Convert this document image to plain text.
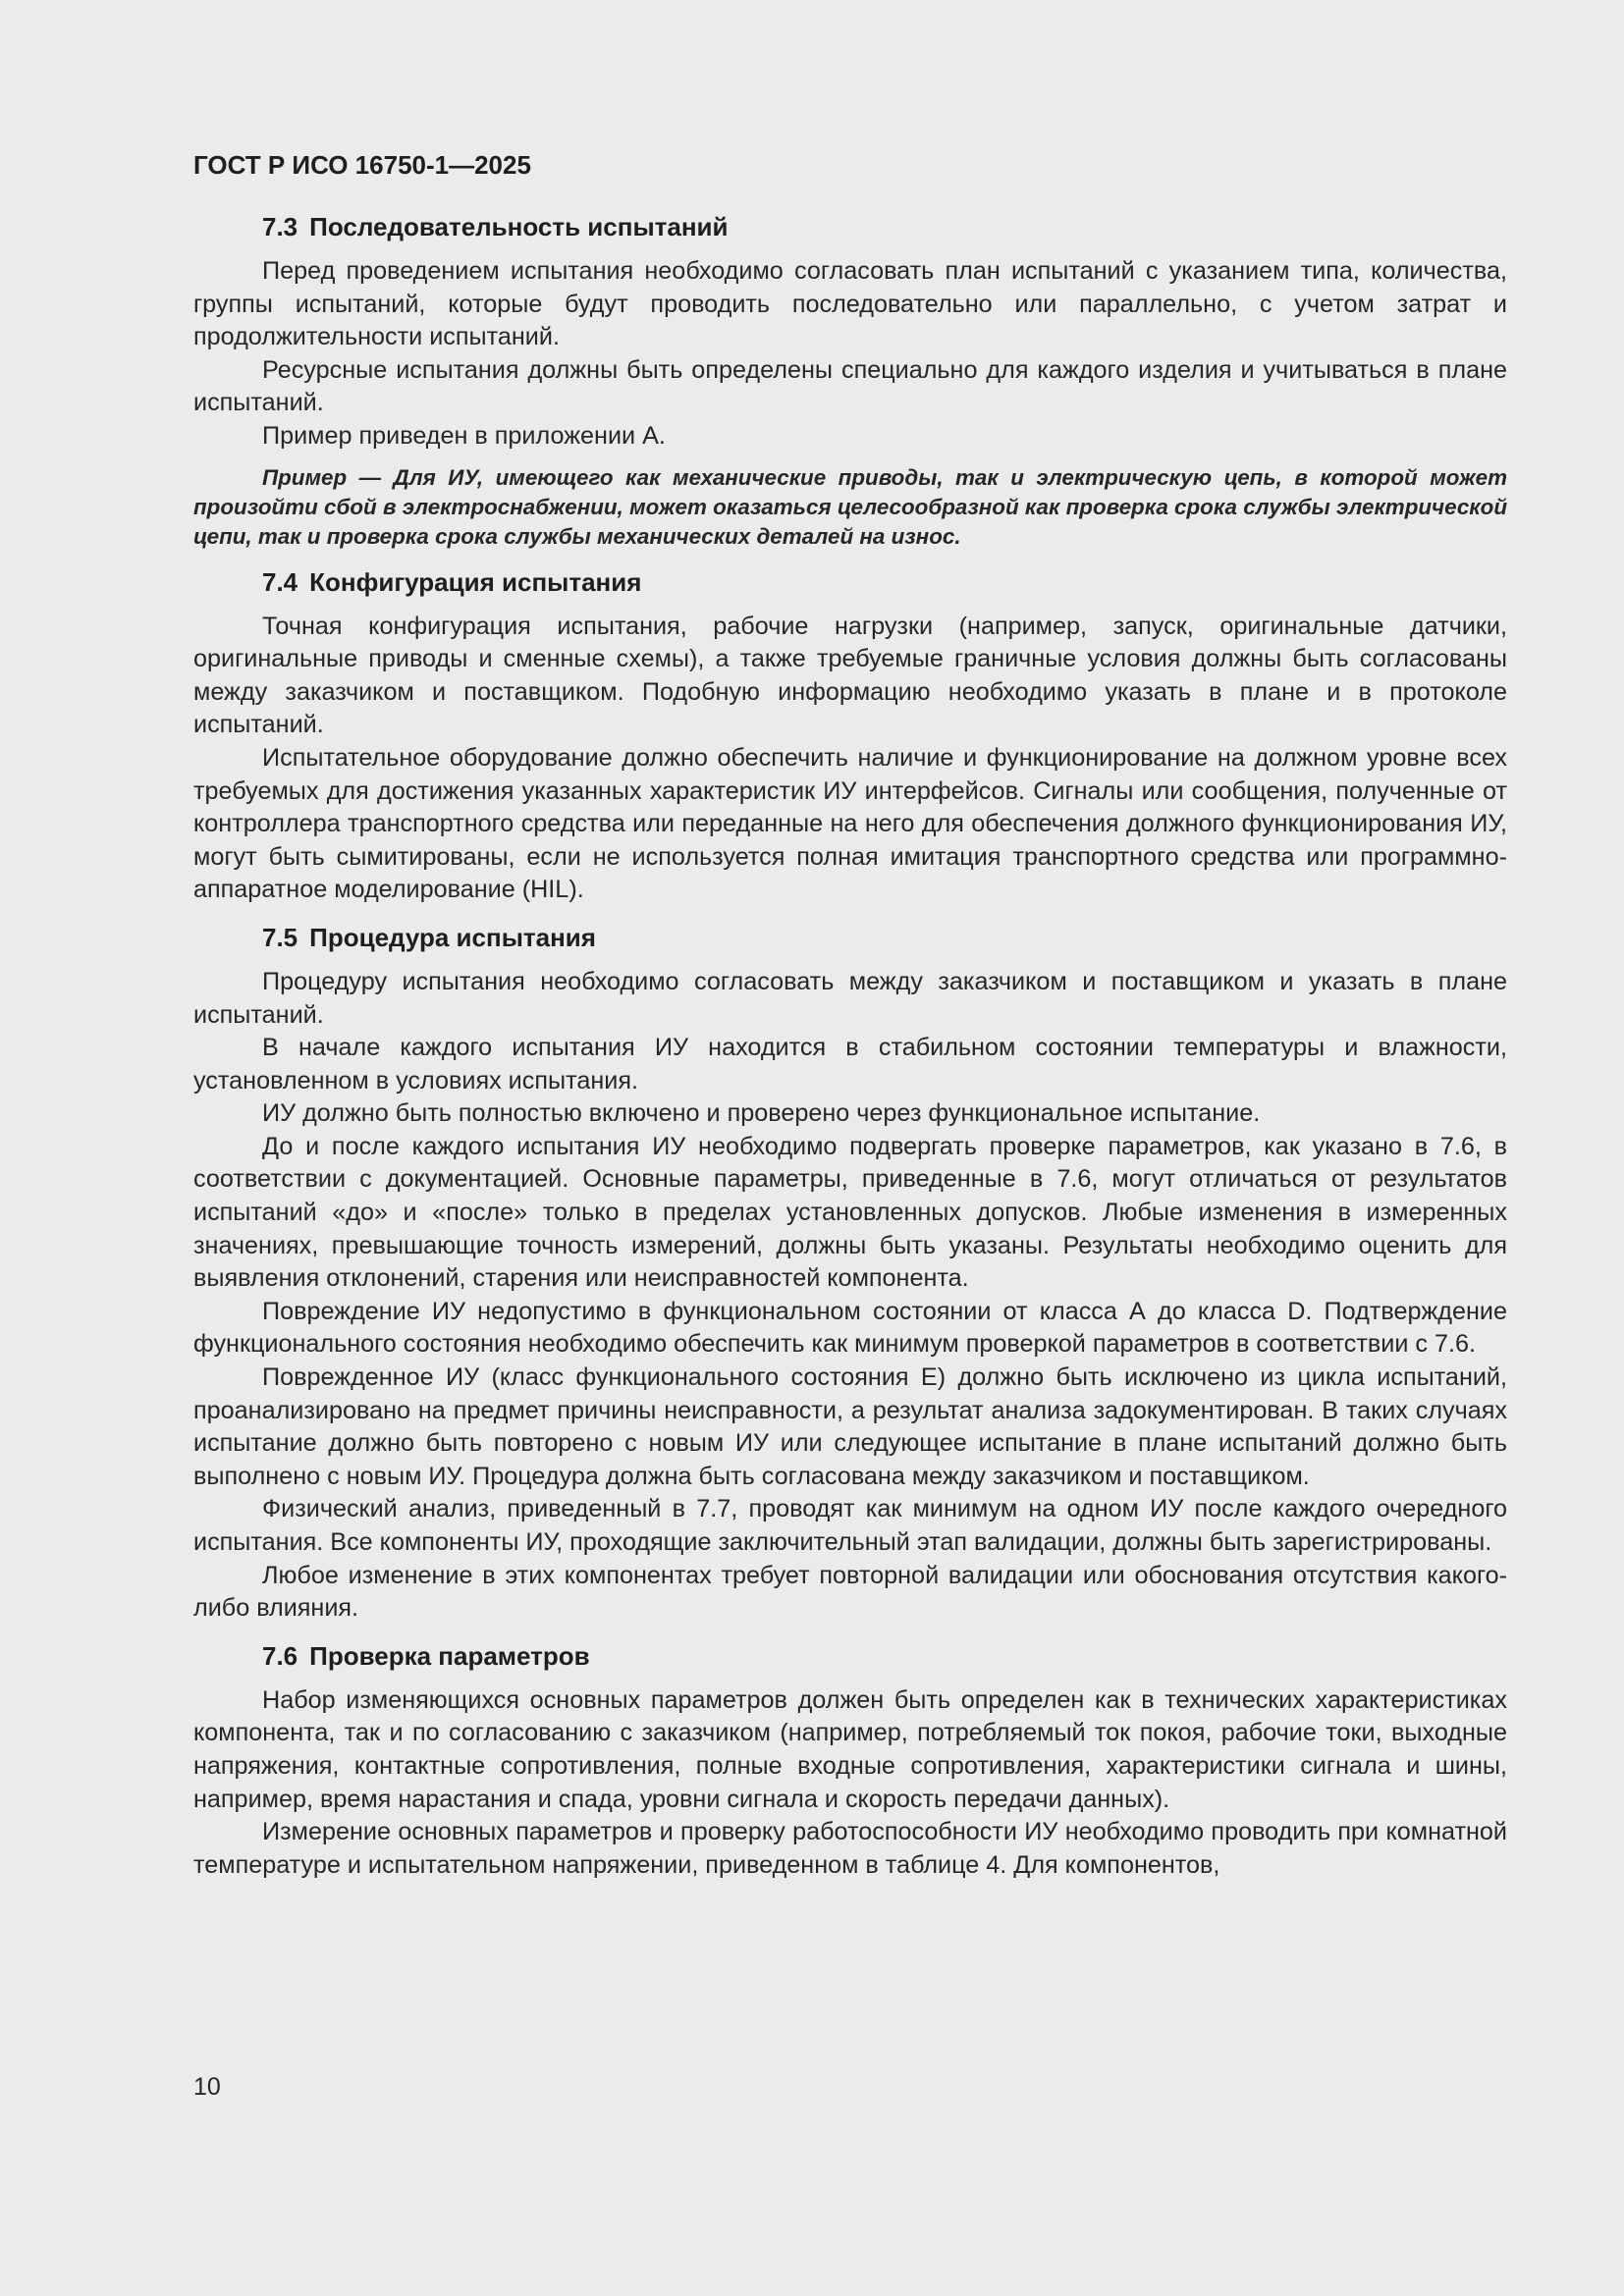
ГОСТ Р ИСО 16750-1—2025
7.3 Последовательность испытаний

Перед проведением испытания необходимо согласовать план испытаний с указанием типа, количества, группы испытаний, которые будут проводить последовательно или параллельно, с учетом затрат и продолжительности испытаний.

Ресурсные испытания должны быть определены специально для каждого изделия и учитываться в плане испытаний.

Пример приведен в приложении А.

Пример — Для ИУ, имеющего как механические приводы, так и электрическую цепь, в которой может произойти сбой в электроснабжении, может оказаться целесообразной как проверка срока службы электрической цепи, так и проверка срока службы механических деталей на износ.

7.4 Конфигурация испытания

Точная конфигурация испытания, рабочие нагрузки (например, запуск, оригинальные датчики, оригинальные приводы и сменные схемы), а также требуемые граничные условия должны быть согласованы между заказчиком и поставщиком. Подобную информацию необходимо указать в плане и в протоколе испытаний.

Испытательное оборудование должно обеспечить наличие и функционирование на должном уровне всех требуемых для достижения указанных характеристик ИУ интерфейсов. Сигналы или сообщения, полученные от контроллера транспортного средства или переданные на него для обеспечения должного функционирования ИУ, могут быть сымитированы, если не используется полная имитация транспортного средства или программно-аппаратное моделирование (HIL).

7.5 Процедура испытания

Процедуру испытания необходимо согласовать между заказчиком и поставщиком и указать в плане испытаний.

В начале каждого испытания ИУ находится в стабильном состоянии температуры и влажности, установленном в условиях испытания.

ИУ должно быть полностью включено и проверено через функциональное испытание.

До и после каждого испытания ИУ необходимо подвергать проверке параметров, как указано в 7.6, в соответствии с документацией. Основные параметры, приведенные в 7.6, могут отличаться от результатов испытаний «до» и «после» только в пределах установленных допусков. Любые изменения в измеренных значениях, превышающие точность измерений, должны быть указаны. Результаты необходимо оценить для выявления отклонений, старения или неисправностей компонента.

Повреждение ИУ недопустимо в функциональном состоянии от класса А до класса D. Подтверждение функционального состояния необходимо обеспечить как минимум проверкой параметров в соответствии с 7.6.

Поврежденное ИУ (класс функционального состояния Е) должно быть исключено из цикла испытаний, проанализировано на предмет причины неисправности, а результат анализа задокументирован. В таких случаях испытание должно быть повторено с новым ИУ или следующее испытание в плане испытаний должно быть выполнено с новым ИУ. Процедура должна быть согласована между заказчиком и поставщиком.

Физический анализ, приведенный в 7.7, проводят как минимум на одном ИУ после каждого очередного испытания. Все компоненты ИУ, проходящие заключительный этап валидации, должны быть зарегистрированы.

Любое изменение в этих компонентах требует повторной валидации или обоснования отсутствия какого-либо влияния.

7.6 Проверка параметров

Набор изменяющихся основных параметров должен быть определен как в технических характеристиках компонента, так и по согласованию с заказчиком (например, потребляемый ток покоя, рабочие токи, выходные напряжения, контактные сопротивления, полные входные сопротивления, характеристики сигнала и шины, например, время нарастания и спада, уровни сигнала и скорость передачи данных).

Измерение основных параметров и проверку работоспособности ИУ необходимо проводить при комнатной температуре и испытательном напряжении, приведенном в таблице 4. Для компонентов,

10
